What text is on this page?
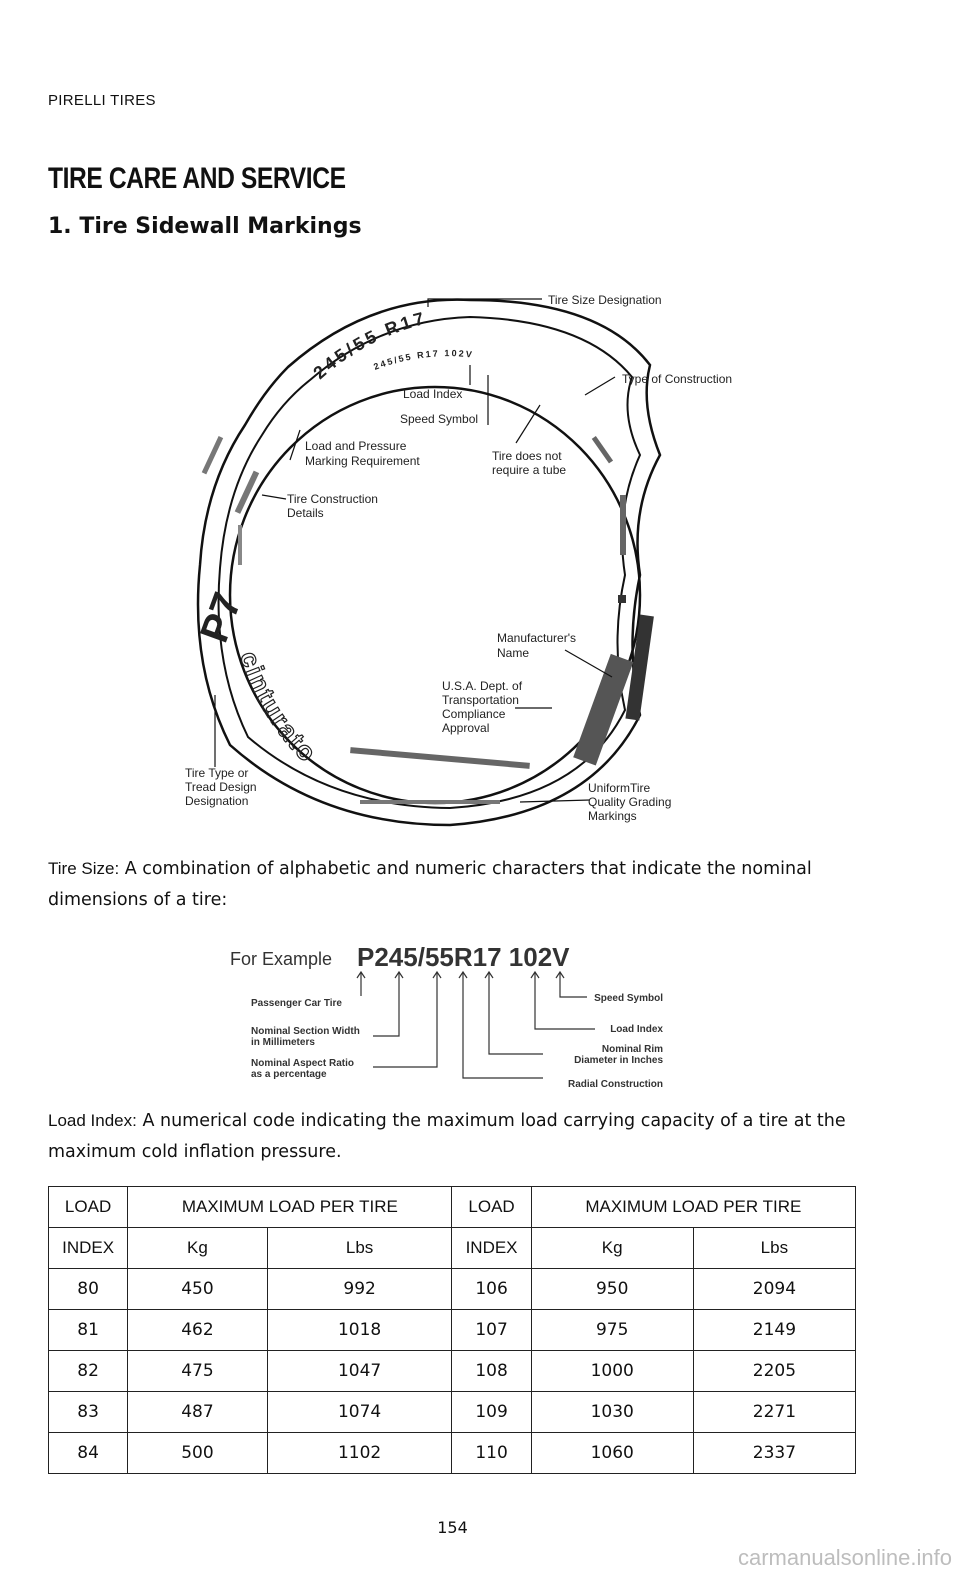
PIRELLI TIRES
TIRE CARE AND SERVICE
1. Tire Sidewall Markings
245/55 R17
245/55 R17 102V
cinturato
P7
Tire Size Designation
Type of Construction
Load Index
Speed Symbol
Load and Pressure
Marking Requirement	Tire does not
require a tube
Tire Construction
Details
Manufacturer's
Name
U.S.A. Dept. of
Transportation
Compliance
Approval
Tire Type or
Tread Design
Designation
UniformTire
Quality Grading
Markings
Tire Size: A combination of alphabetic and numeric characters that indicate the nominal dimensions of a tire:
For Example P245/55R17 102V
Passenger Car Tire
Nominal Section Width
in Millimeters
Nominal Aspect Ratio
as a percentage
Speed Symbol
Load Index
Nominal Rim
Diameter in Inches
Radial Construction
Load Index: A numerical code indicating the maximum load carrying capacity of a tire at the maximum cold inflation pressure.
LOAD	MAXIMUM LOAD PER TIRE		LOAD	MAXIMUM LOAD PER TIRE	
INDEX	Kg	Lbs	INDEX	Kg	Lbs
80	450	992	106	950	2094
81	462	1018	107	975	2149
82	475	1047	108	1000	2205
83	487	1074	109	1030	2271
84	500	1102	110	1060	2337
154
carmanualsonline.info
